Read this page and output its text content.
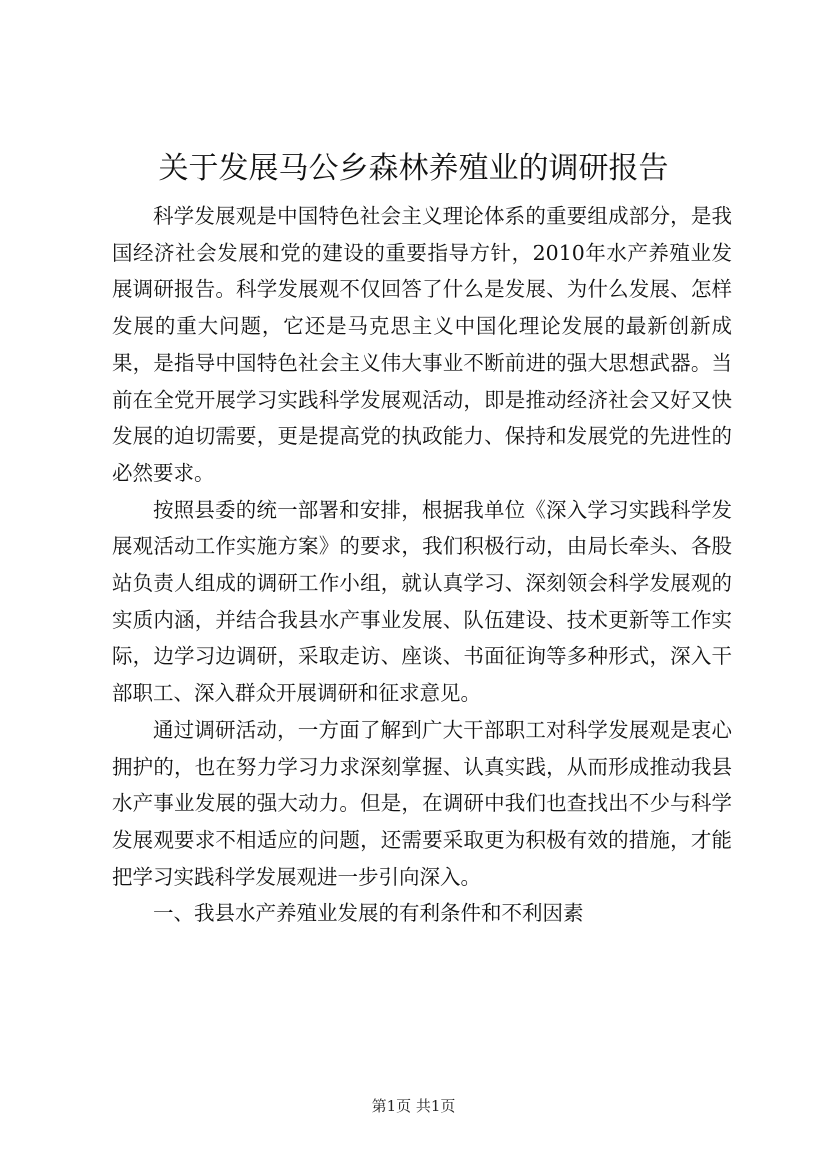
关于发展马公乡森林养殖业的调研报告

科学发展观是中国特色社会主义理论体系的重要组成部分，是我国经济社会发展和党的建设的重要指导方针，2010年水产养殖业发展调研报告。科学发展观不仅回答了什么是发展、为什么发展、怎样发展的重大问题，它还是马克思主义中国化理论发展的最新创新成果，是指导中国特色社会主义伟大事业不断前进的强大思想武器。当前在全党开展学习实践科学发展观活动，即是推动经济社会又好又快发展的迫切需要，更是提高党的执政能力、保持和发展党的先进性的必然要求。

按照县委的统一部署和安排，根据我单位《深入学习实践科学发展观活动工作实施方案》的要求，我们积极行动，由局长牵头、各股站负责人组成的调研工作小组，就认真学习、深刻领会科学发展观的实质内涵，并结合我县水产事业发展、队伍建设、技术更新等工作实际，边学习边调研，采取走访、座谈、书面征询等多种形式，深入干部职工、深入群众开展调研和征求意见。

通过调研活动，一方面了解到广大干部职工对科学发展观是衷心拥护的，也在努力学习力求深刻掌握、认真实践，从而形成推动我县水产事业发展的强大动力。但是，在调研中我们也查找出不少与科学发展观要求不相适应的问题，还需要采取更为积极有效的措施，才能把学习实践科学发展观进一步引向深入。

一、我县水产养殖业发展的有利条件和不利因素

第1页 共1页
